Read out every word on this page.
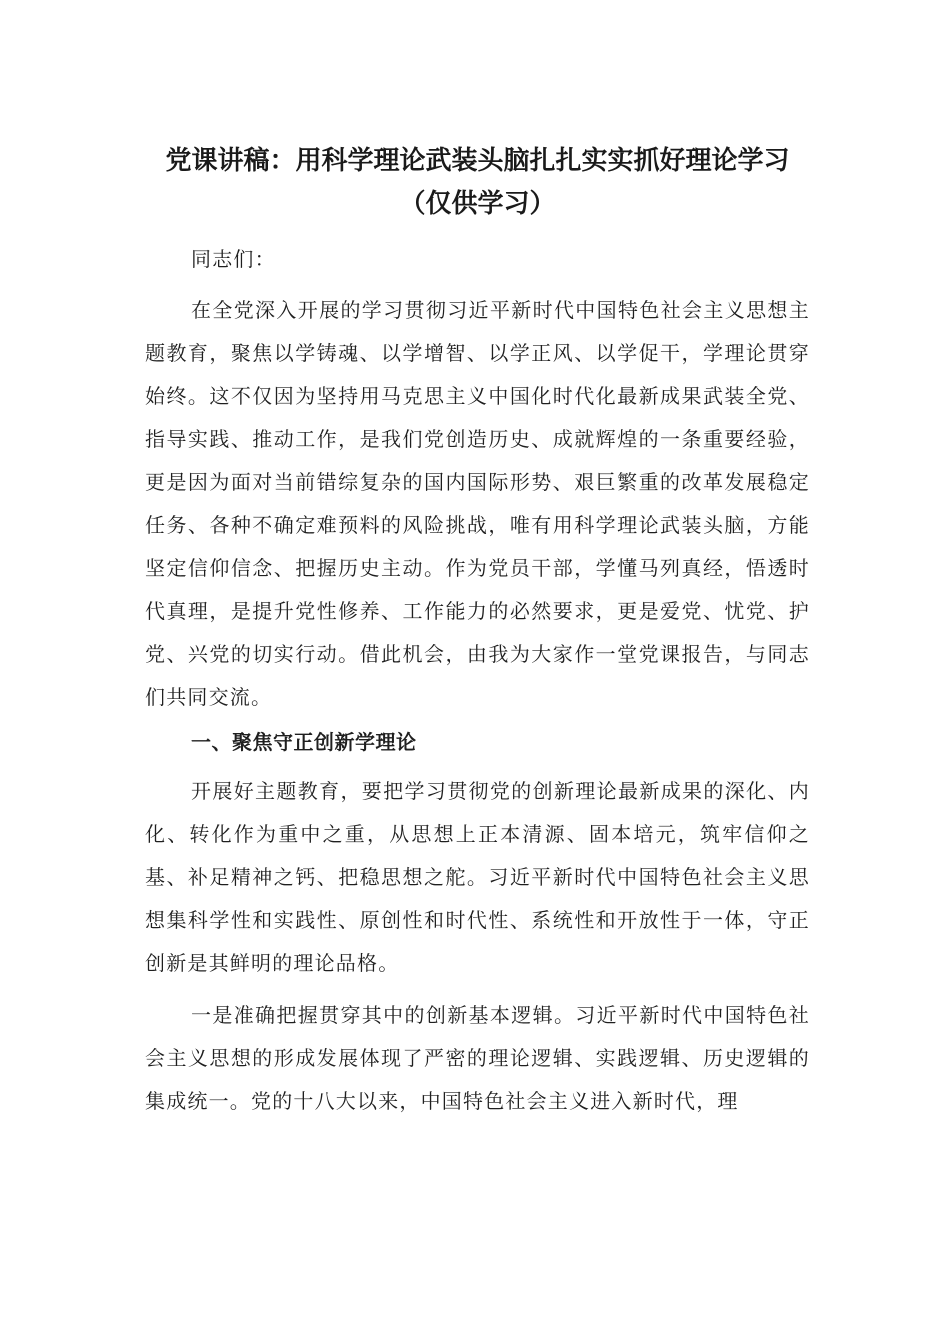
党课讲稿：用科学理论武装头脑扎扎实实抓好理论学习（仅供学习）

同志们：

在全党深入开展的学习贯彻习近平新时代中国特色社会主义思想主题教育，聚焦以学铸魂、以学增智、以学正风、以学促干，学理论贯穿始终。这不仅因为坚持用马克思主义中国化时代化最新成果武装全党、指导实践、推动工作，是我们党创造历史、成就辉煌的一条重要经验，更是因为面对当前错综复杂的国内国际形势、艰巨繁重的改革发展稳定任务、各种不确定难预料的风险挑战，唯有用科学理论武装头脑，方能坚定信仰信念、把握历史主动。作为党员干部，学懂马列真经，悟透时代真理，是提升党性修养、工作能力的必然要求，更是爱党、忧党、护党、兴党的切实行动。借此机会，由我为大家作一堂党课报告，与同志们共同交流。

一、聚焦守正创新学理论

开展好主题教育，要把学习贯彻党的创新理论最新成果的深化、内化、转化作为重中之重，从思想上正本清源、固本培元，筑牢信仰之基、补足精神之钙、把稳思想之舵。习近平新时代中国特色社会主义思想集科学性和实践性、原创性和时代性、系统性和开放性于一体，守正创新是其鲜明的理论品格。

一是准确把握贯穿其中的创新基本逻辑。习近平新时代中国特色社会主义思想的形成发展体现了严密的理论逻辑、实践逻辑、历史逻辑的集成统一。党的十八大以来，中国特色社会主义进入新时代，理
